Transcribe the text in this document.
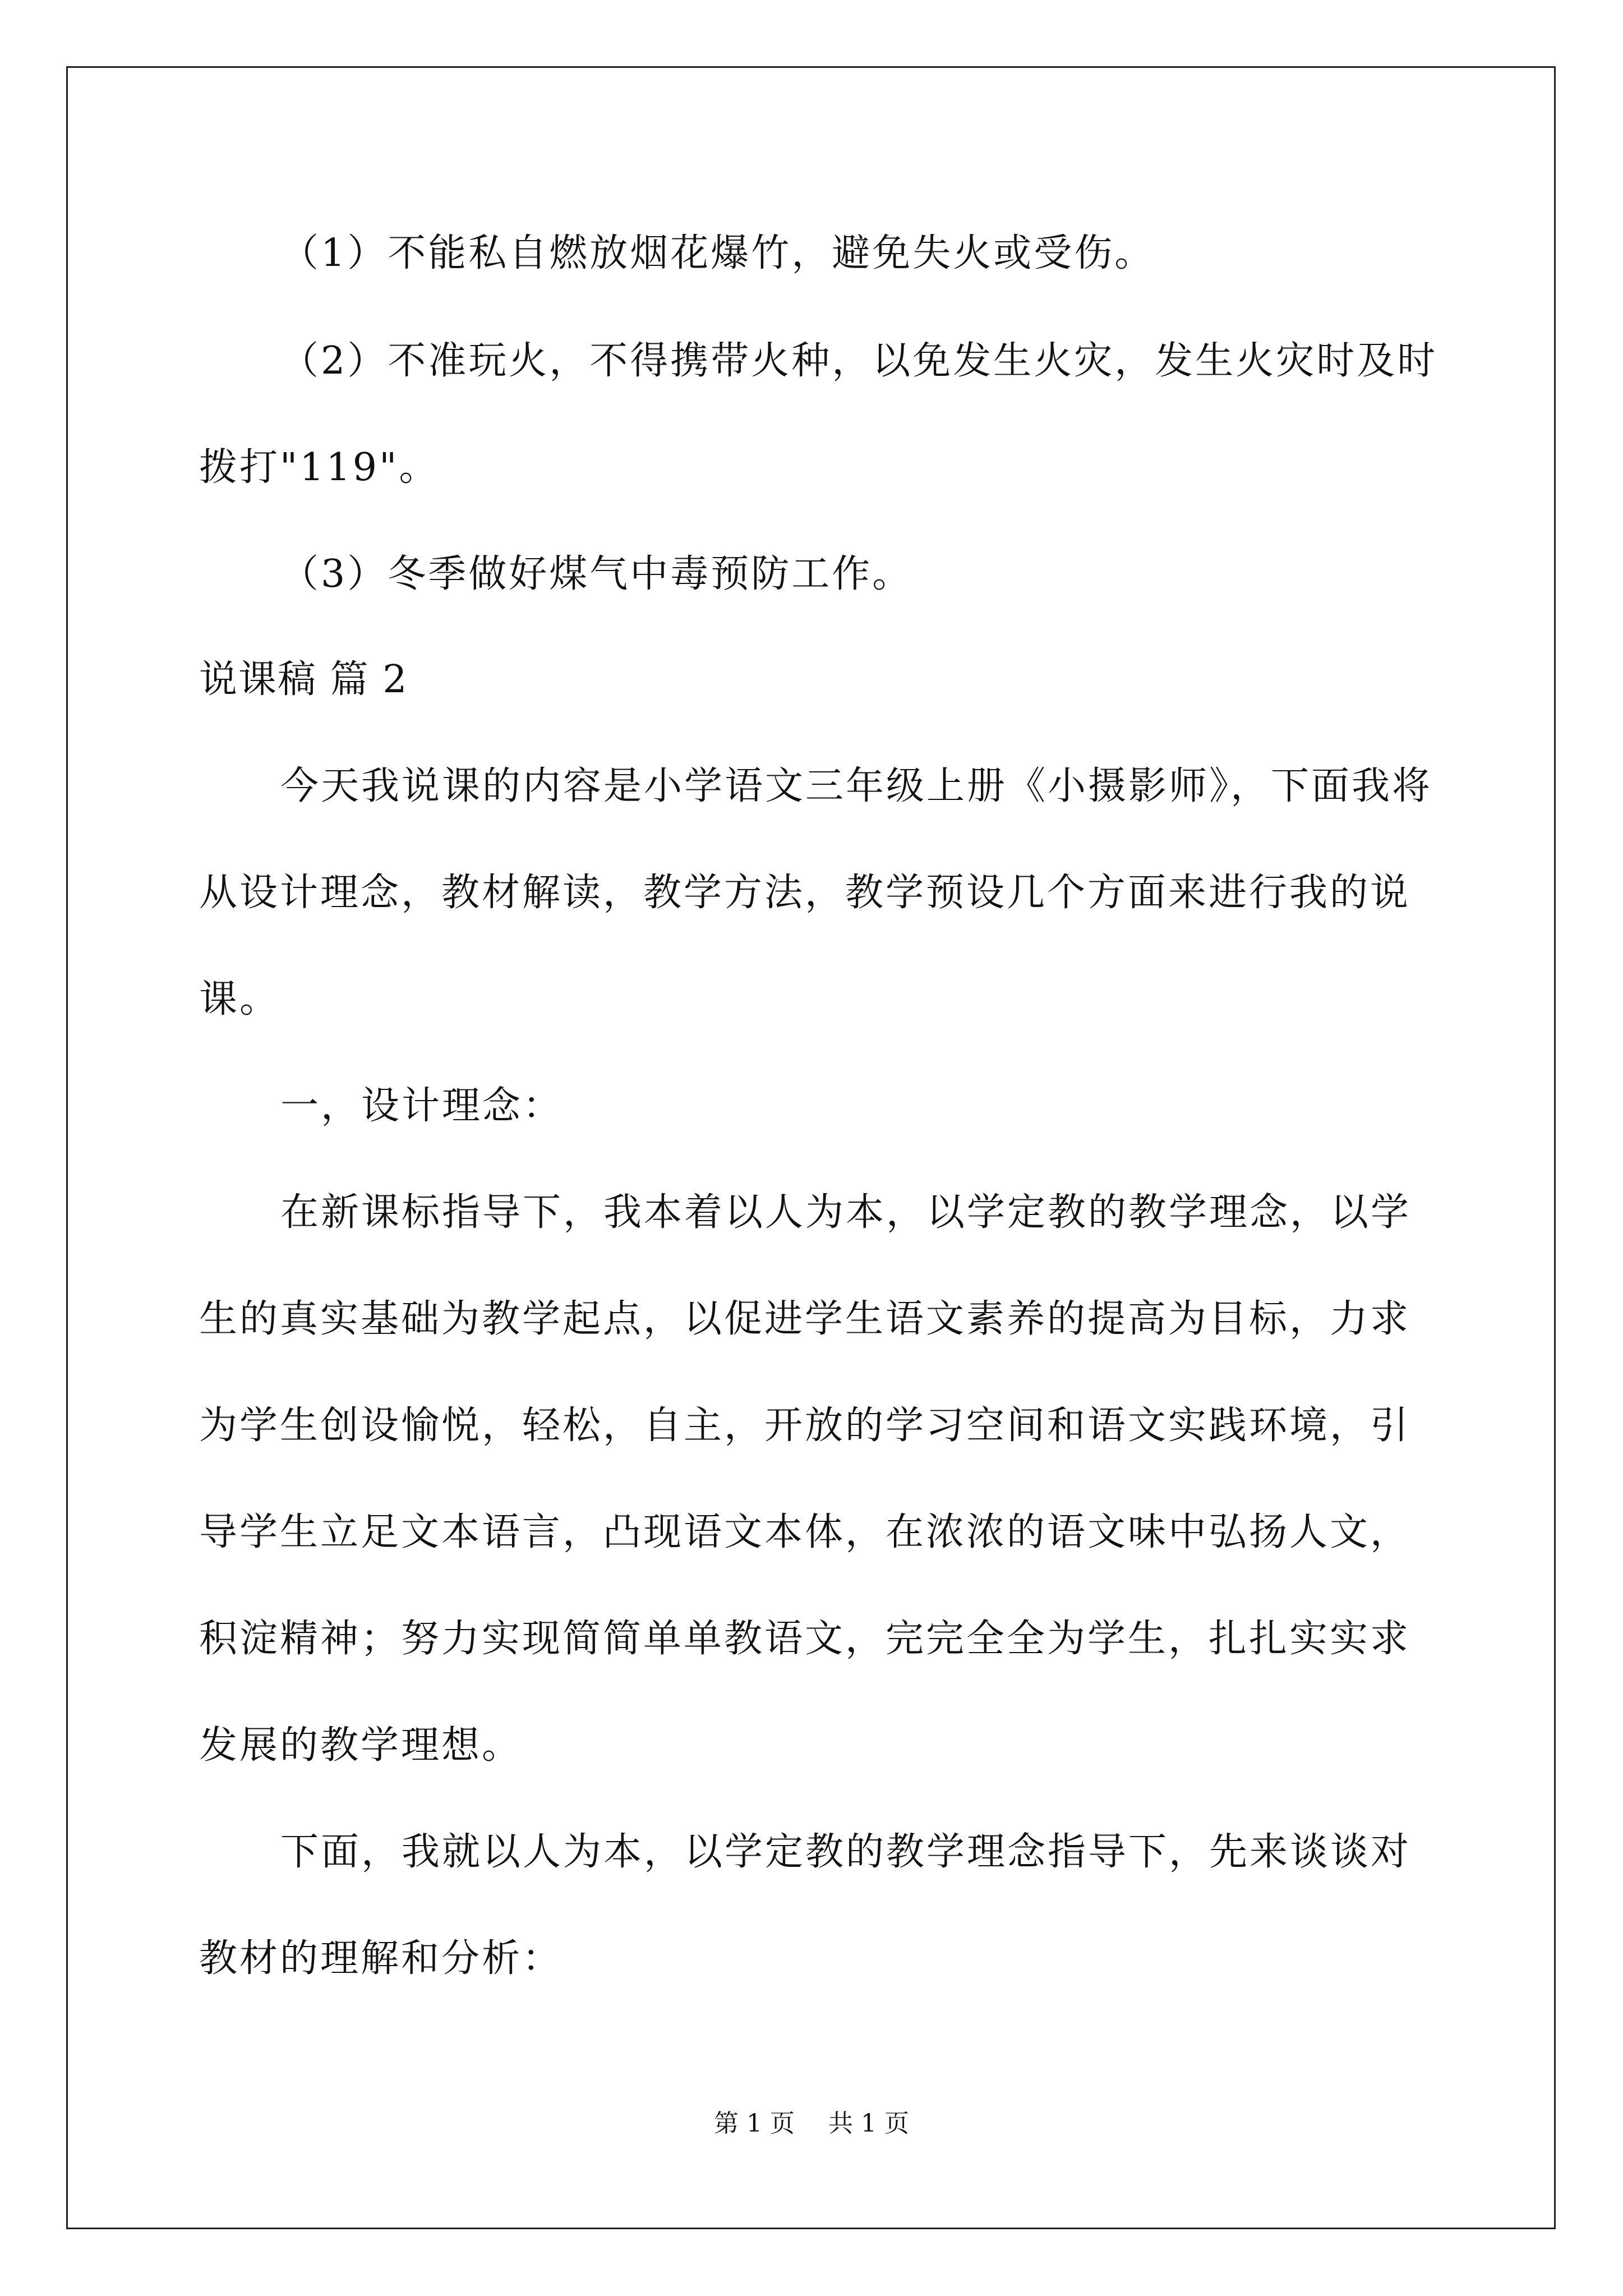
（1）不能私自燃放烟花爆竹，避免失火或受伤。
（2）不准玩火，不得携带火种，以免发生火灾，发生火灾时及时
拨打"119"。
（3）冬季做好煤气中毒预防工作。
说课稿 篇 2
今天我说课的内容是小学语文三年级上册《小摄影师》，下面我将
从设计理念，教材解读，教学方法，教学预设几个方面来进行我的说
课。
一，设计理念：
在新课标指导下，我本着以人为本，以学定教的教学理念，以学
生的真实基础为教学起点，以促进学生语文素养的提高为目标，力求
为学生创设愉悦，轻松，自主，开放的学习空间和语文实践环境，引
导学生立足文本语言，凸现语文本体，在浓浓的语文味中弘扬人文，
积淀精神；努力实现简简单单教语文，完完全全为学生，扎扎实实求
发展的教学理想。
下面，我就以人为本，以学定教的教学理念指导下，先来谈谈对
教材的理解和分析：
第 1 页 共 1 页
